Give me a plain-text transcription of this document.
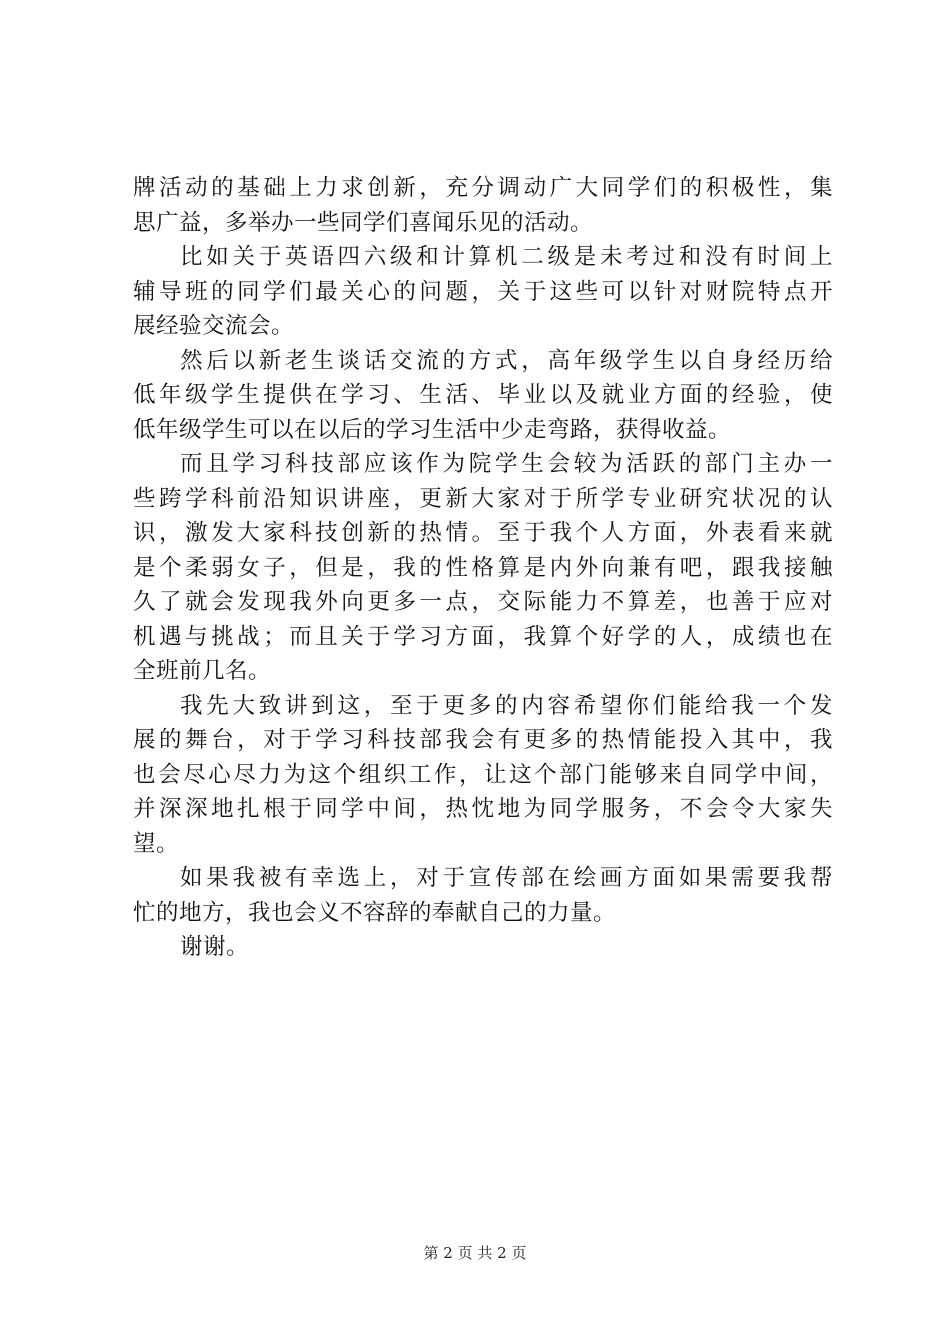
牌活动的基础上力求创新，充分调动广大同学们的积极性，集
思广益，多举办一些同学们喜闻乐见的活动。
比如关于英语四六级和计算机二级是未考过和没有时间上
辅导班的同学们最关心的问题，关于这些可以针对财院特点开
展经验交流会。
然后以新老生谈话交流的方式，高年级学生以自身经历给
低年级学生提供在学习、生活、毕业以及就业方面的经验，使
低年级学生可以在以后的学习生活中少走弯路，获得收益。
而且学习科技部应该作为院学生会较为活跃的部门主办一
些跨学科前沿知识讲座，更新大家对于所学专业研究状况的认
识，激发大家科技创新的热情。至于我个人方面，外表看来就
是个柔弱女子，但是，我的性格算是内外向兼有吧，跟我接触
久了就会发现我外向更多一点，交际能力不算差，也善于应对
机遇与挑战；而且关于学习方面，我算个好学的人，成绩也在
全班前几名。
我先大致讲到这，至于更多的内容希望你们能给我一个发
展的舞台，对于学习科技部我会有更多的热情能投入其中，我
也会尽心尽力为这个组织工作，让这个部门能够来自同学中间，
并深深地扎根于同学中间，热忱地为同学服务，不会令大家失
望。
如果我被有幸选上，对于宣传部在绘画方面如果需要我帮
忙的地方，我也会义不容辞的奉献自己的力量。
谢谢。
第 2 页 共 2 页
